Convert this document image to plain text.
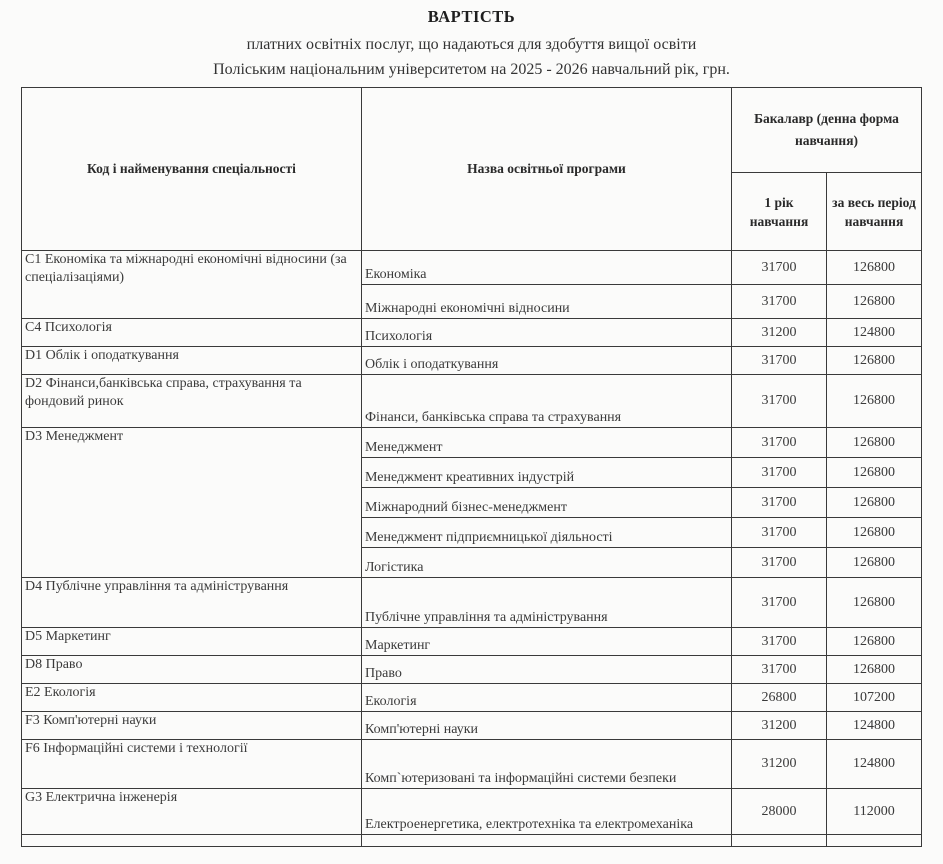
ВАРТІСТЬ
платних освітніх послуг, що надаються для здобуття вищої освіти
Поліським національним університетом на 2025 - 2026 навчальний рік, грн.
Код і найменування спеціальності	Назва освітньої програми	Бакалавр (денна форма навчання)	
		1 рік навчання	за весь період навчання
C1 Економіка та міжнародні економічні відносини (за спеціалізаціями)	Економіка	31700	126800
	Міжнародні економічні відносини	31700	126800
C4 Психологія	Психологія	31200	124800
D1 Облік і оподаткування	Облік і оподаткування	31700	126800
D2 Фінанси,банківська справа, страхування та фондовий ринок	Фінанси, банківська справа та страхування	31700	126800
D3 Менеджмент	Менеджмент	31700	126800
	Менеджмент креативних індустрій	31700	126800
	Міжнародний бізнес-менеджмент	31700	126800
	Менеджмент підприємницької діяльності	31700	126800
	Логістика	31700	126800
D4 Публічне управління та адміністрування	Публічне управління та адміністрування	31700	126800
D5 Маркетинг	Маркетинг	31700	126800
D8 Право	Право	31700	126800
E2 Екологія	Екологія	26800	107200
F3 Комп'ютерні науки	Комп'ютерні науки	31200	124800
F6 Інформаційні системи і технології	Комп`ютеризовані та інформаційні системи безпеки	31200	124800
G3 Електрична інженерія	Електроенергетика, електротехніка та електромеханіка	28000	112000
